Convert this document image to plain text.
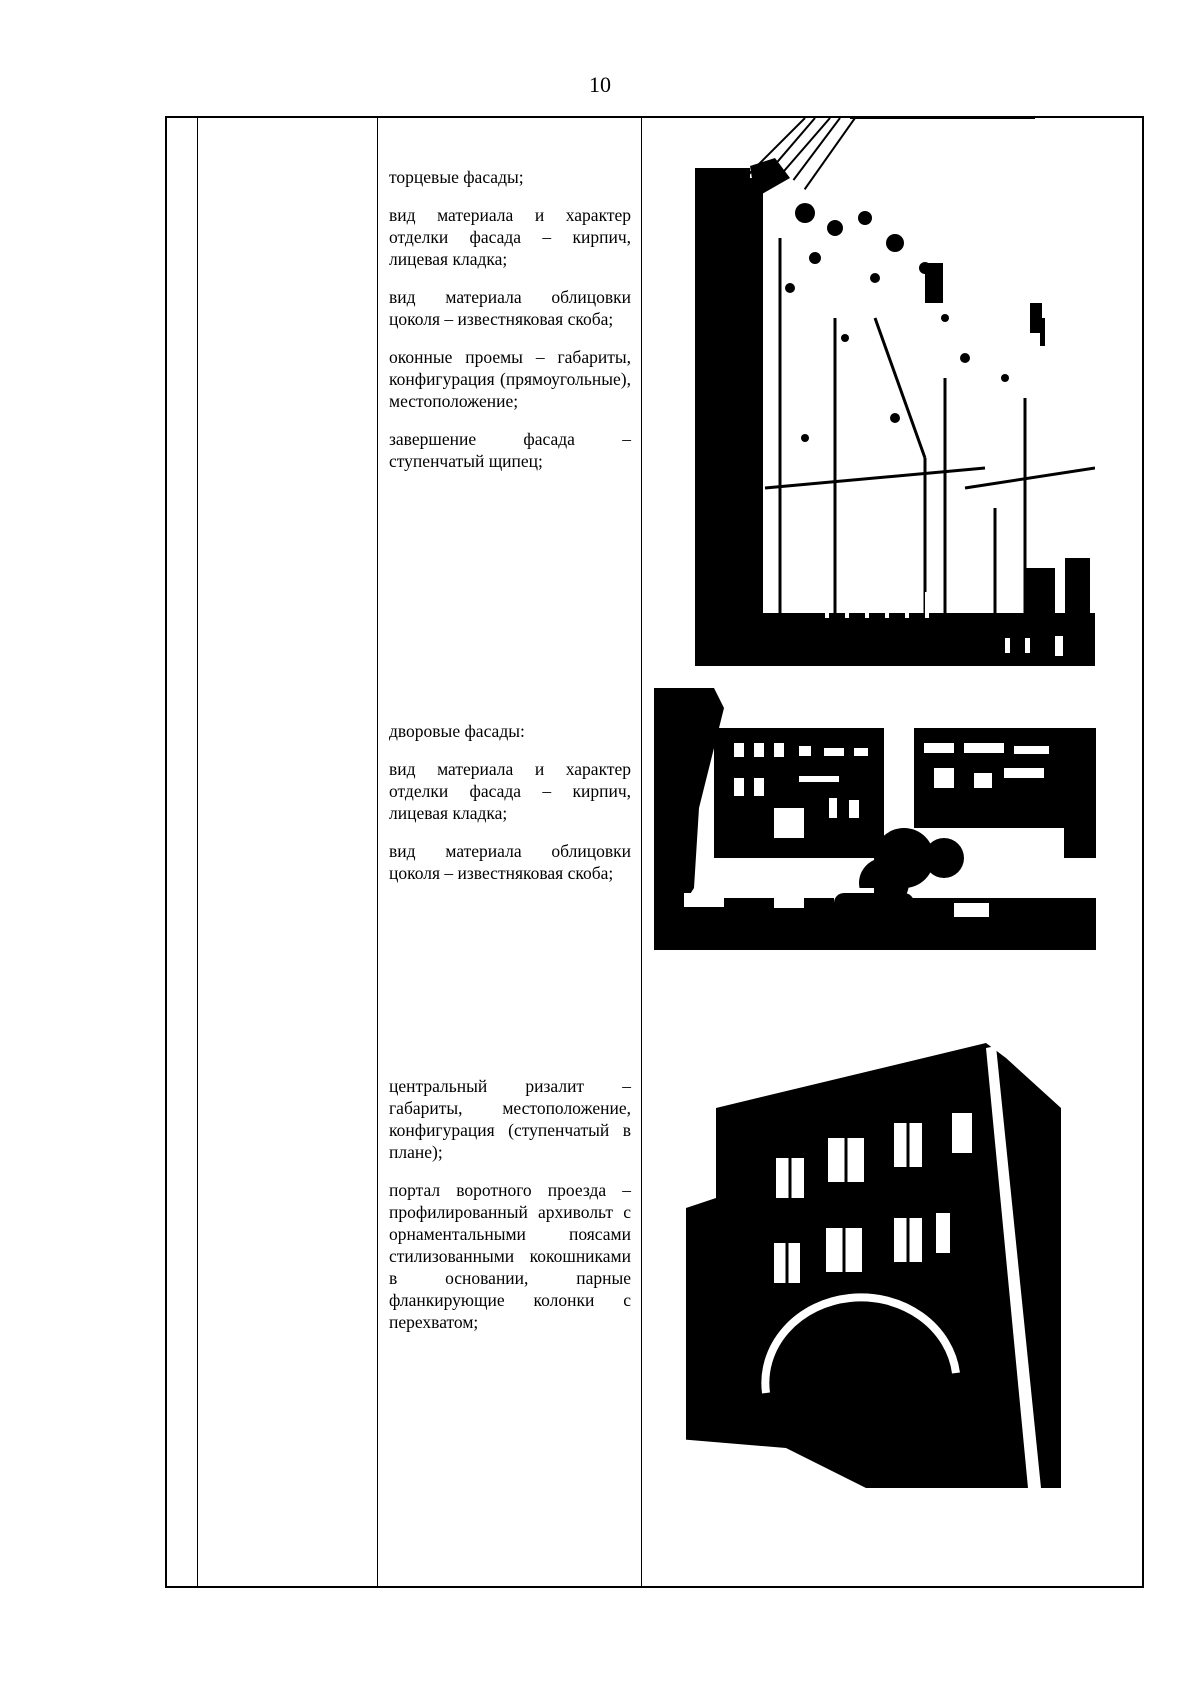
10

торцевые фасады;

вид материала и характер отделки фасада – кирпич, лицевая кладка;

вид материала облицовки цоколя – известняковая скоба;

оконные проемы – габариты, конфигурация (прямоугольные), местоположение;

завершение фасада – ступенчатый щипец;

дворовые фасады:

вид материала и характер отделки фасада – кирпич, лицевая кладка;

вид материала облицовки цоколя – известняковая скоба;

центральный ризалит – габариты, местоположение, конфигурация (ступенчатый в плане);

портал воротного проезда – профилированный архивольт с орнаментальными поясами стилизованными кокошниками в основании, парные фланкирующие колонки с перехватом;
